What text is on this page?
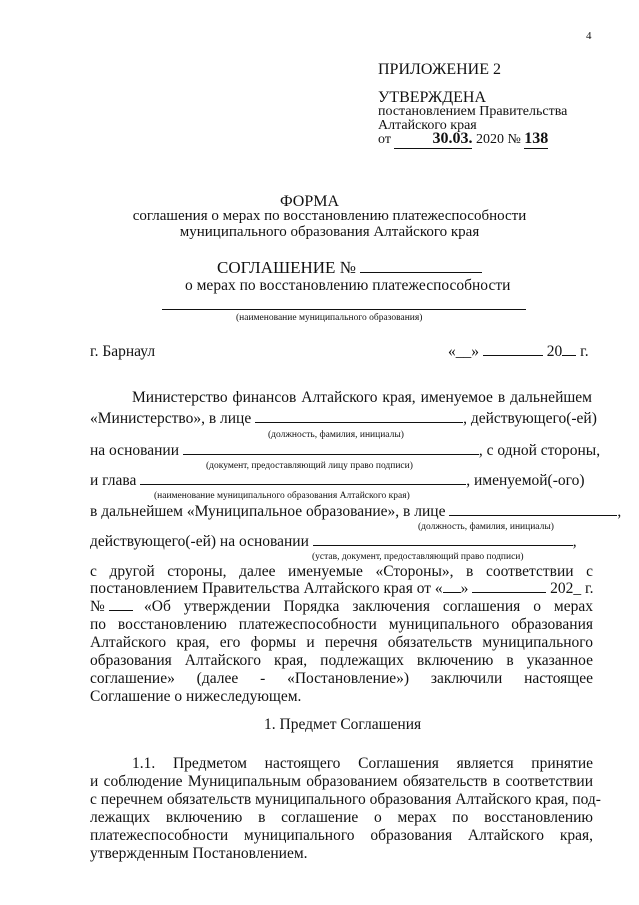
4
ПРИЛОЖЕНИЕ 2
УТВЕРЖДЕНА
постановлением Правительства
Алтайского края
от	30.03. 2020 № 138
ФОРМА
соглашения о мерах по восстановлению платежеспособности
муниципального образования Алтайского края
СОГЛАШЕНИЕ №
о мерах по восстановлению платежеспособности
(наименование муниципального образования)
г. Барнаул	«__»	20 г.
Министерство финансов Алтайского края, именуемое в дальнейшем
«Министерство», в лице	, действующего(-ей)
(должность, фамилия, инициалы)
на основании	, с одной стороны,
(документ, предоставляющий лицу право подписи)
и глава	, именуемой(-ого)
(наименование муниципального образования Алтайского края)
в дальнейшем «Муниципальное образование», в лице	,
(должность, фамилия, инициалы)
действующего(-ей) на основании	,
(устав, документ, предоставляющий право подписи)
с другой стороны, далее именуемые «Стороны», в соответствии с
постановлением Правительства Алтайского края от « »	202_ г.
№	«Об утверждении Порядка заключения соглашения о мерах
по восстановлению платежеспособности муниципального образования
Алтайского края, его формы и перечня обязательств муниципального
образования Алтайского края, подлежащих включению в указанное
соглашение» (далее - «Постановление») заключили настоящее
Соглашение о нижеследующем.
1. Предмет Соглашения
1.1. Предметом настоящего Соглашения является принятие
и соблюдение Муниципальным образованием обязательств в соответствии
с перечнем обязательств муниципального образования Алтайского края, под-
лежащих включению в соглашение о мерах по восстановлению
платежеспособности муниципального образования Алтайского края,
утвержденным Постановлением.
